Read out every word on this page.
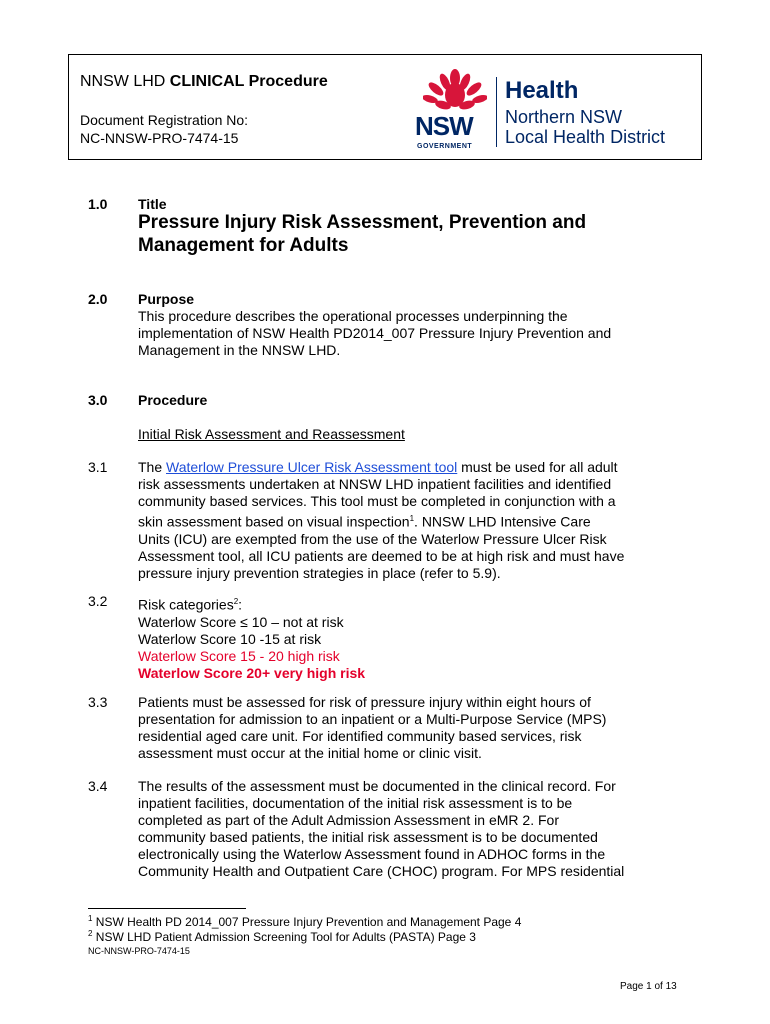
NNSW LHD CLINICAL Procedure
Document Registration No:
NC-NNSW-PRO-7474-15	NSW
GOVERNMENT
Health
Northern NSW
Local Health District
1.0 Title
Pressure Injury Risk Assessment, Prevention and
Management for Adults
2.0 Purpose
This procedure describes the operational processes underpinning the
implementation of NSW Health PD2014_007 Pressure Injury Prevention and
Management in the NNSW LHD.
3.0 Procedure
Initial Risk Assessment and Reassessment
3.1 The Waterlow Pressure Ulcer Risk Assessment tool must be used for all adult
risk assessments undertaken at NNSW LHD inpatient facilities and identified
community based services. This tool must be completed in conjunction with a
skin assessment based on visual inspection$^1$. NNSW LHD Intensive Care
Units (ICU) are exempted from the use of the Waterlow Pressure Ulcer Risk
Assessment tool, all ICU patients are deemed to be at high risk and must have
pressure injury prevention strategies in place (refer to 5.9).
3.2 Risk categories$^2$:
Waterlow Score ≤ 10 – not at risk
Waterlow Score 10 -15 at risk
Waterlow Score 15 - 20 high risk
Waterlow Score 20+ very high risk
3.3 Patients must be assessed for risk of pressure injury within eight hours of
presentation for admission to an inpatient or a Multi-Purpose Service (MPS)
residential aged care unit. For identified community based services, risk
assessment must occur at the initial home or clinic visit.
3.4 The results of the assessment must be documented in the clinical record. For
inpatient facilities, documentation of the initial risk assessment is to be
completed as part of the Adult Admission Assessment in eMR 2. For
community based patients, the initial risk assessment is to be documented
electronically using the Waterlow Assessment found in ADHOC forms in the
Community Health and Outpatient Care (CHOC) program. For MPS residential
$^1$ NSW Health PD 2014_007 Pressure Injury Prevention and Management Page 4
$^2$ NSW LHD Patient Admission Screening Tool for Adults (PASTA) Page 3
NC-NNSW-PRO-7474-15
Page 1 of 13
